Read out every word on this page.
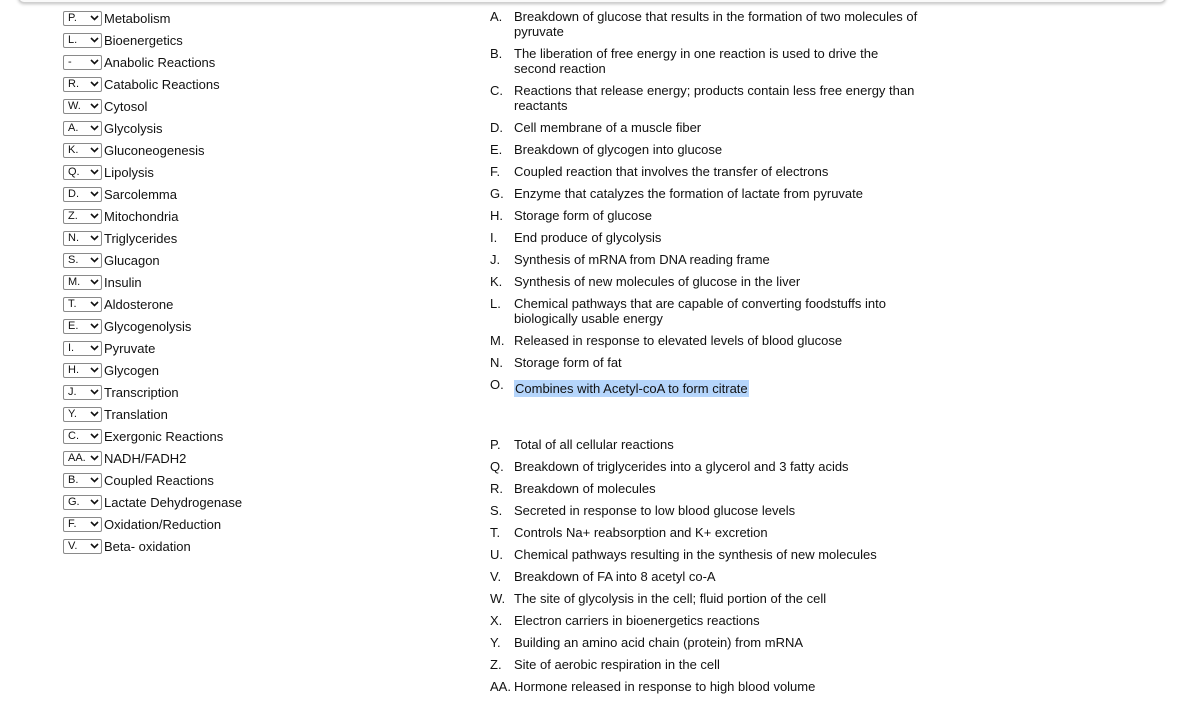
P. Metabolism
L. Bioenergetics
- Anabolic Reactions
R. Catabolic Reactions
W. Cytosol
A. Glycolysis
K. Gluconeogenesis
Q. Lipolysis
D. Sarcolemma
Z. Mitochondria
N. Triglycerides
S. Glucagon
M. Insulin
T. Aldosterone
E. Glycogenolysis
I. Pyruvate
H. Glycogen
J. Transcription
Y. Translation
C. Exergonic Reactions
AA. NADH/FADH2
B. Coupled Reactions
G. Lactate Dehydrogenase
F. Oxidation/Reduction
V. Beta- oxidation
A. Breakdown of glucose that results in the formation of two molecules of pyruvate
B. The liberation of free energy in one reaction is used to drive the second reaction
C. Reactions that release energy; products contain less free energy than reactants
D. Cell membrane of a muscle fiber
E. Breakdown of glycogen into glucose
F.	Coupled reaction that involves the transfer of electrons
G. Enzyme that catalyzes the formation of lactate from pyruvate
H. Storage form of glucose
I.	End produce of glycolysis
J.	Synthesis of mRNA from DNA reading frame
K. Synthesis of new molecules of glucose in the liver
L.	Chemical pathways that are capable of converting foodstuffs into biologically usable energy
M. Released in response to elevated levels of blood glucose
N. Storage form of fat
O. Combines with Acetyl-coA to form citrate
P.	Total of all cellular reactions
Q. Breakdown of triglycerides into a glycerol and 3 fatty acids
R. Breakdown of molecules
S. Secreted in response to low blood glucose levels
T.	Controls Na+ reabsorption and K+ excretion
U. Chemical pathways resulting in the synthesis of new molecules
V. Breakdown of FA into 8 acetyl co-A
W. The site of glycolysis in the cell; fluid portion of the cell
X. Electron carriers in bioenergetics reactions
Y.	Building an amino acid chain (protein) from mRNA
Z. Site of aerobic respiration in the cell
AA. Hormone released in response to high blood volume
